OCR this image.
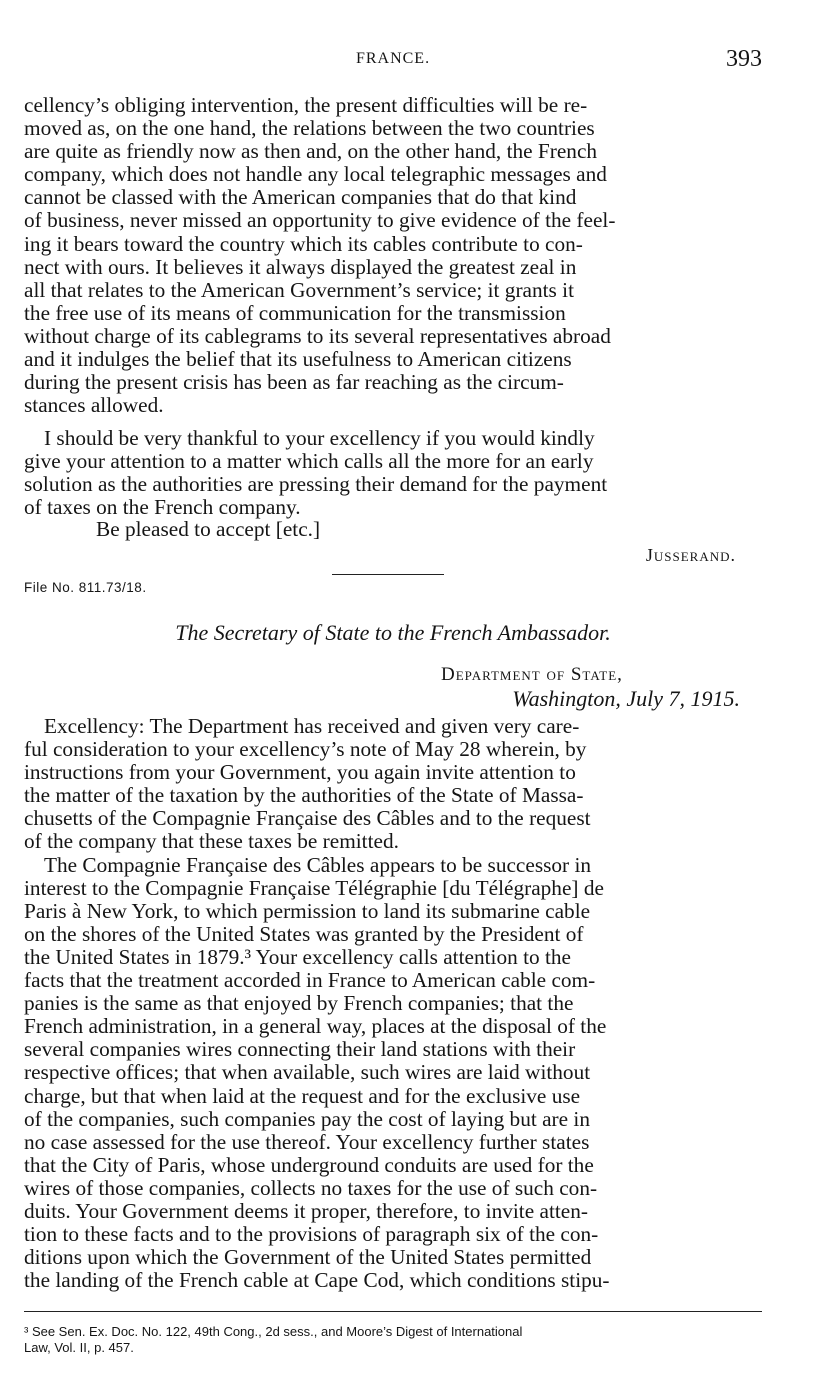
FRANCE.	393

cellency’s obliging intervention, the present difficulties will be re-
moved as, on the one hand, the relations between the two countries
are quite as friendly now as then and, on the other hand, the French
company, which does not handle any local telegraphic messages and
cannot be classed with the American companies that do that kind
of business, never missed an opportunity to give evidence of the feel-
ing it bears toward the country which its cables contribute to con-
nect with ours. It believes it always displayed the greatest zeal in
all that relates to the American Government’s service; it grants it
the free use of its means of communication for the transmission
without charge of its cablegrams to its several representatives abroad
and it indulges the belief that its usefulness to American citizens
during the present crisis has been as far reaching as the circum-
stances allowed.

I should be very thankful to your excellency if you would kindly
give your attention to a matter which calls all the more for an early
solution as the authorities are pressing their demand for the payment
of taxes on the French company.

Be pleased to accept [etc.]
Jusserand.
File No. 811.73/18.
The Secretary of State to the French Ambassador.
Department of State,
Washington, July 7, 1915.

Excellency: The Department has received and given very care-
ful consideration to your excellency’s note of May 28 wherein, by
instructions from your Government, you again invite attention to
the matter of the taxation by the authorities of the State of Massa-
chusetts of the Compagnie Française des Câbles and to the request
of the company that these taxes be remitted.

The Compagnie Française des Câbles appears to be successor in
interest to the Compagnie Française Télégraphie [du Télégraphe] de
Paris à New York, to which permission to land its submarine cable
on the shores of the United States was granted by the President of
the United States in 1879.³ Your excellency calls attention to the
facts that the treatment accorded in France to American cable com-
panies is the same as that enjoyed by French companies; that the
French administration, in a general way, places at the disposal of the
several companies wires connecting their land stations with their
respective offices; that when available, such wires are laid without
charge, but that when laid at the request and for the exclusive use
of the companies, such companies pay the cost of laying but are in
no case assessed for the use thereof. Your excellency further states
that the City of Paris, whose underground conduits are used for the
wires of those companies, collects no taxes for the use of such con-
duits. Your Government deems it proper, therefore, to invite atten-
tion to these facts and to the provisions of paragraph six of the con-
ditions upon which the Government of the United States permitted
the landing of the French cable at Cape Cod, which conditions stipu-

³ See Sen. Ex. Doc. No. 122, 49th Cong., 2d sess., and Moore’s Digest of International
Law, Vol. II, p. 457.
